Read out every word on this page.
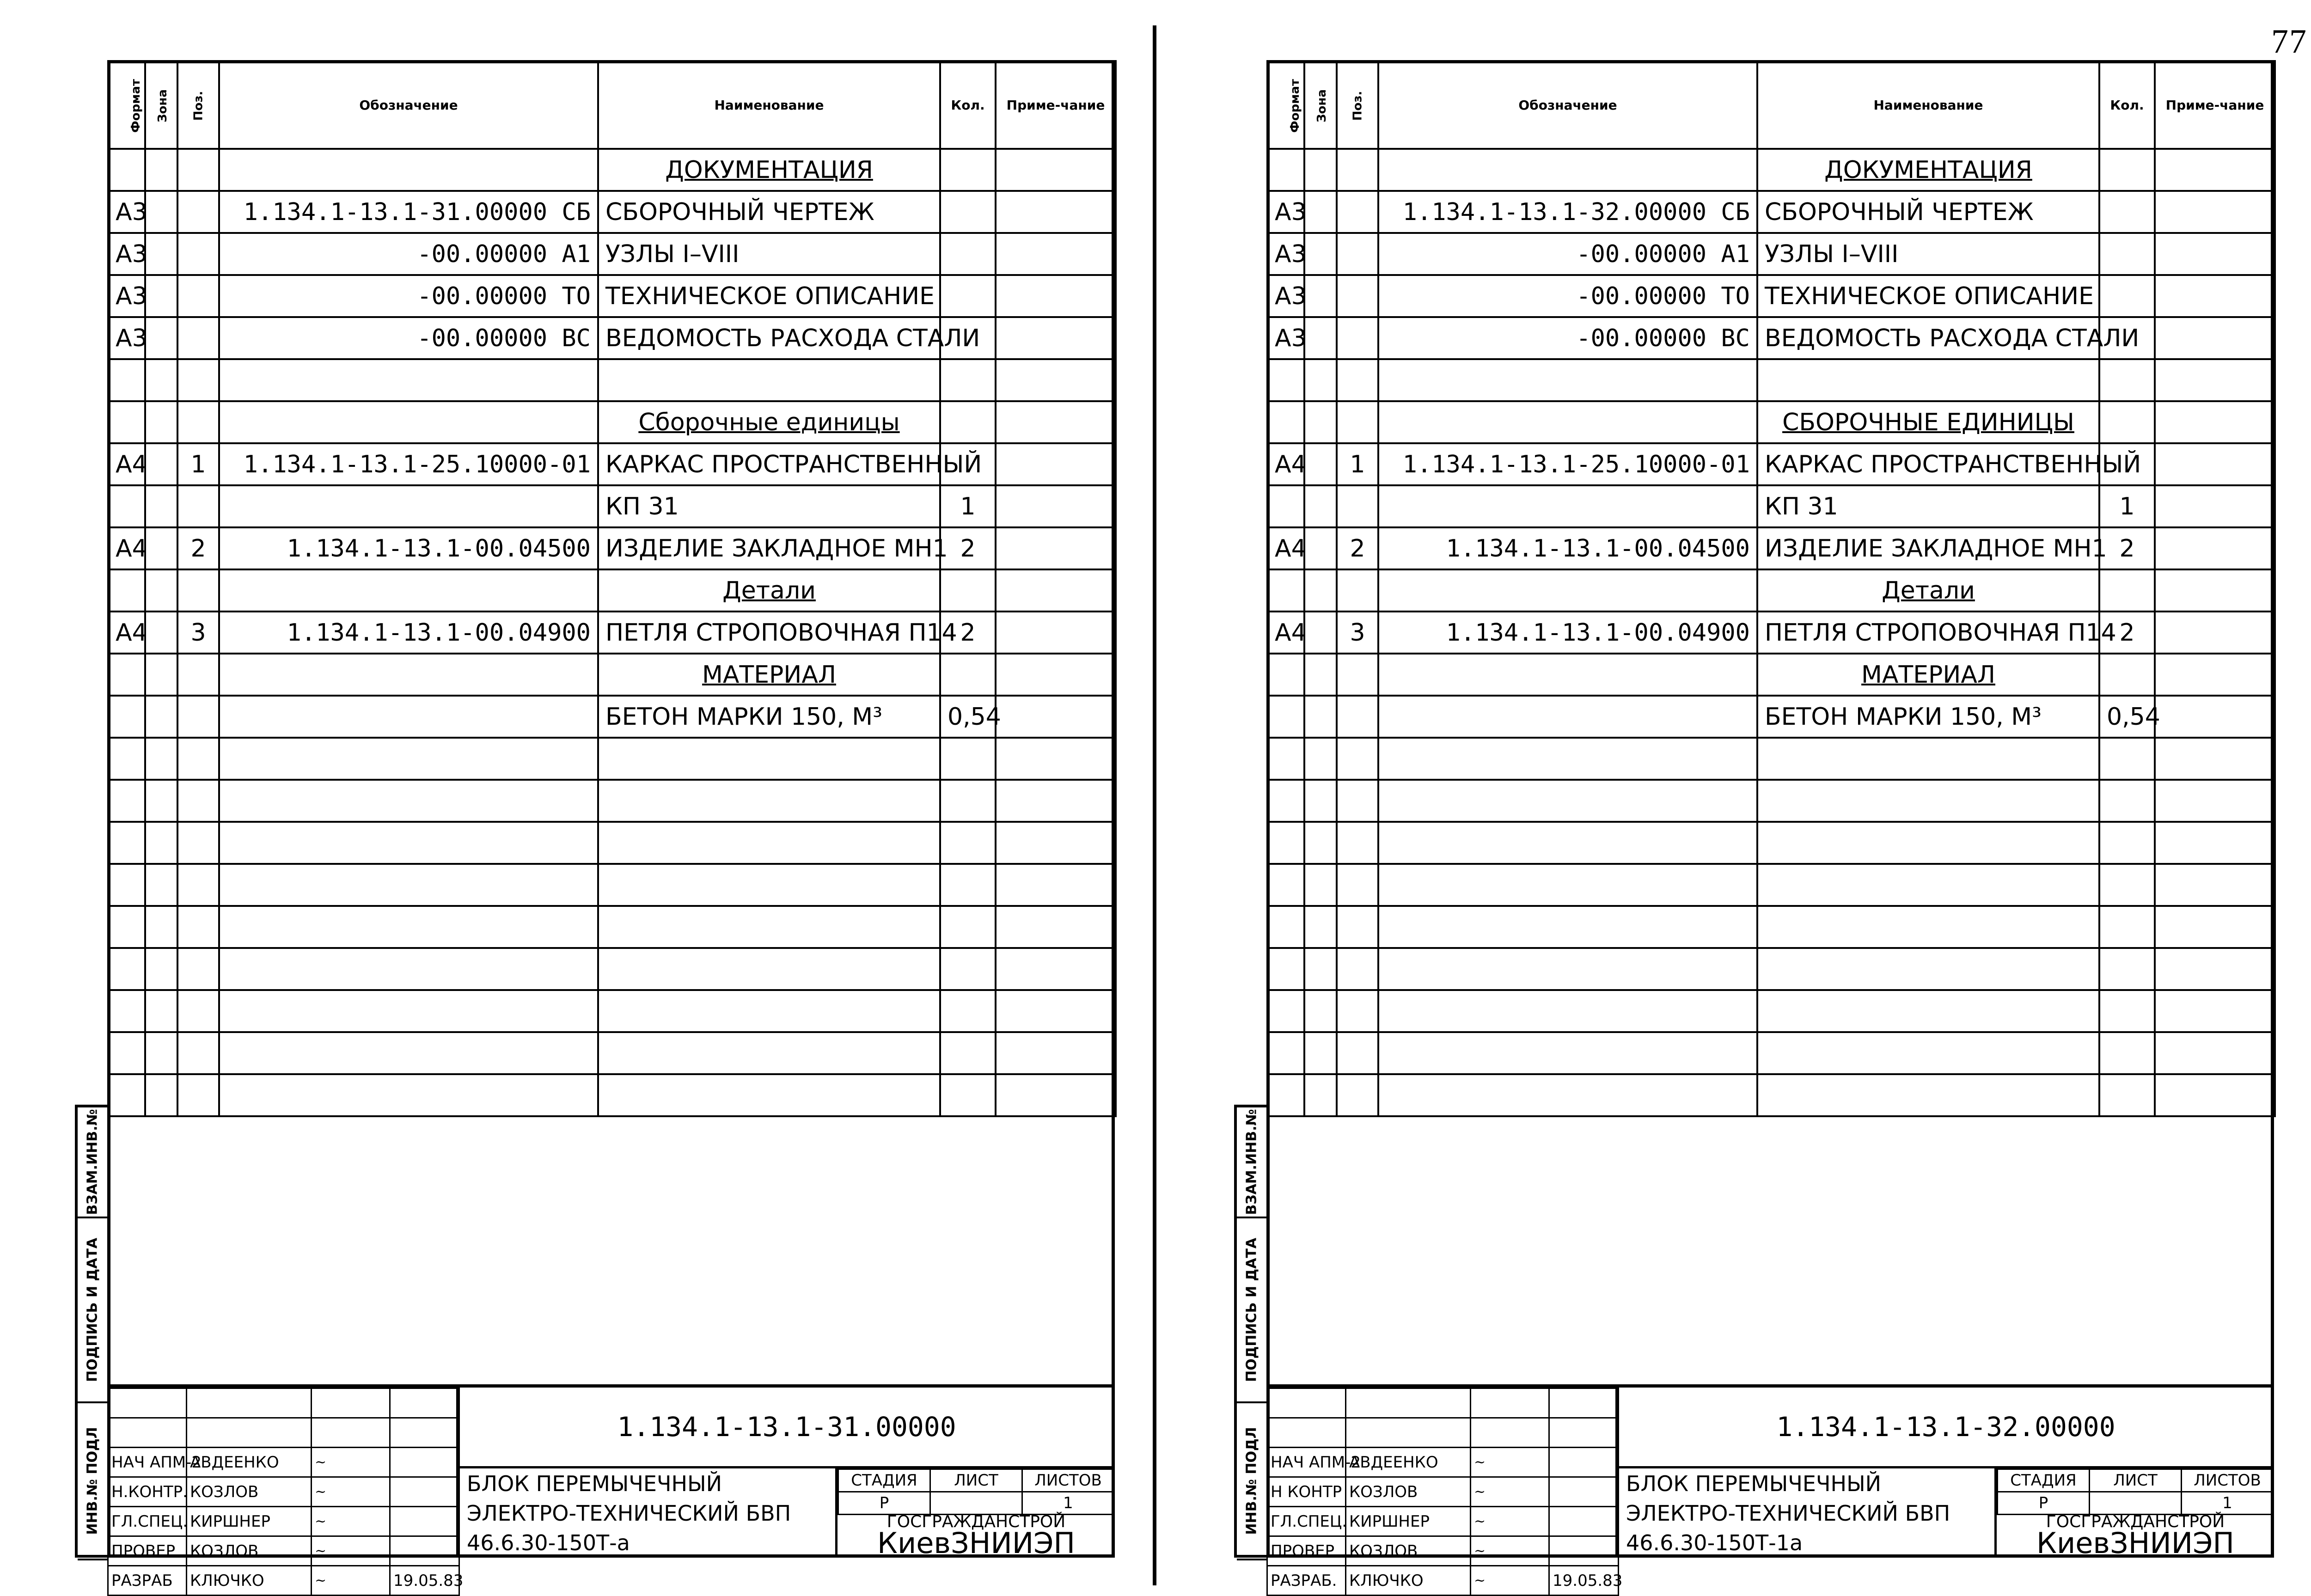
77
ВЗАМ.ИНВ.№
ПОДПИСЬ И ДАТА
ИНВ.№ ПОДЛ
Формат	Зона	Поз.	Обозначение	Наименование	Кол.	Приме-чание
				ДОКУМЕНТАЦИЯ		
А3			1.134.1-13.1-31.00000 СБ	СБОРОЧНЫЙ ЧЕРТЕЖ		
А3			-00.00000 А1	УЗЛЫ I–VIII		
А3			-00.00000 ТО	ТЕХНИЧЕСКОЕ ОПИСАНИЕ		
А3			-00.00000 ВС	ВЕДОМОСТЬ РАСХОДА СТАЛИ		

				Сборочные единицы		
А4		1	1.134.1-13.1-25.10000-01	КАРКАС ПРОСТРАНСТВЕННЫЙ		
				КП 31	1	
А4		2	1.134.1-13.1-00.04500	ИЗДЕЛИЕ ЗАКЛАДНОЕ МН1	2	
				Детали		
А4		3	1.134.1-13.1-00.04900	ПЕТЛЯ СТРОПОВОЧНАЯ П14	2	
				МАТЕРИАЛ		
				БЕТОН МАРКИ 150, М³	0,54	

НАЧ АПМ-2	АВДЕЕНКО	~	
Н.КОНТР.	КОЗЛОВ	~	
ГЛ.СПЕЦ.	КИРШНЕР	~	
ПРОВЕР	КОЗЛОВ	~	
РАЗРАБ	КЛЮЧКО	~	19.05.83
1.134.1-13.1-31.00000
БЛОК ПЕРЕМЫЧЕЧНЫЙ ЭЛЕКТРО-ТЕХНИЧЕСКИЙ БВП 46.6.30-150Т-а
СТАДИЯ	ЛИСТ	ЛИСТОВ
Р		1
ГОСГРАЖДАНСТРОЙ
КиевЗНИИЭП
ВЗАМ.ИНВ.№
ПОДПИСЬ И ДАТА
ИНВ.№ ПОДЛ
Формат	Зона	Поз.	Обозначение	Наименование	Кол.	Приме-чание
				ДОКУМЕНТАЦИЯ		
А3			1.134.1-13.1-32.00000 СБ	СБОРОЧНЫЙ ЧЕРТЕЖ		
А3			-00.00000 А1	УЗЛЫ I–VIII		
А3			-00.00000 ТО	ТЕХНИЧЕСКОЕ ОПИСАНИЕ		
А3			-00.00000 ВС	ВЕДОМОСТЬ РАСХОДА СТАЛИ		

				СБОРОЧНЫЕ ЕДИНИЦЫ		
А4		1	1.134.1-13.1-25.10000-01	КАРКАС ПРОСТРАНСТВЕННЫЙ		
				КП 31	1	
А4		2	1.134.1-13.1-00.04500	ИЗДЕЛИЕ ЗАКЛАДНОЕ МН1	2	
				Детали		
А4		3	1.134.1-13.1-00.04900	ПЕТЛЯ СТРОПОВОЧНАЯ П14	2	
				МАТЕРИАЛ		
				БЕТОН МАРКИ 150, М³	0,54	

НАЧ АПМ-2	АВДЕЕНКО	~	
Н КОНТР	КОЗЛОВ	~	
ГЛ.СПЕЦ.	КИРШНЕР	~	
ПРОВЕР	КОЗЛОВ	~	
РАЗРАБ.	КЛЮЧКО	~	19.05.83
1.134.1-13.1-32.00000
БЛОК ПЕРЕМЫЧЕЧНЫЙ ЭЛЕКТРО-ТЕХНИЧЕСКИЙ БВП 46.6.30-150Т-1а
СТАДИЯ	ЛИСТ	ЛИСТОВ
Р		1
ГОСГРАЖДАНСТРОЙ
КиевЗНИИЭП
